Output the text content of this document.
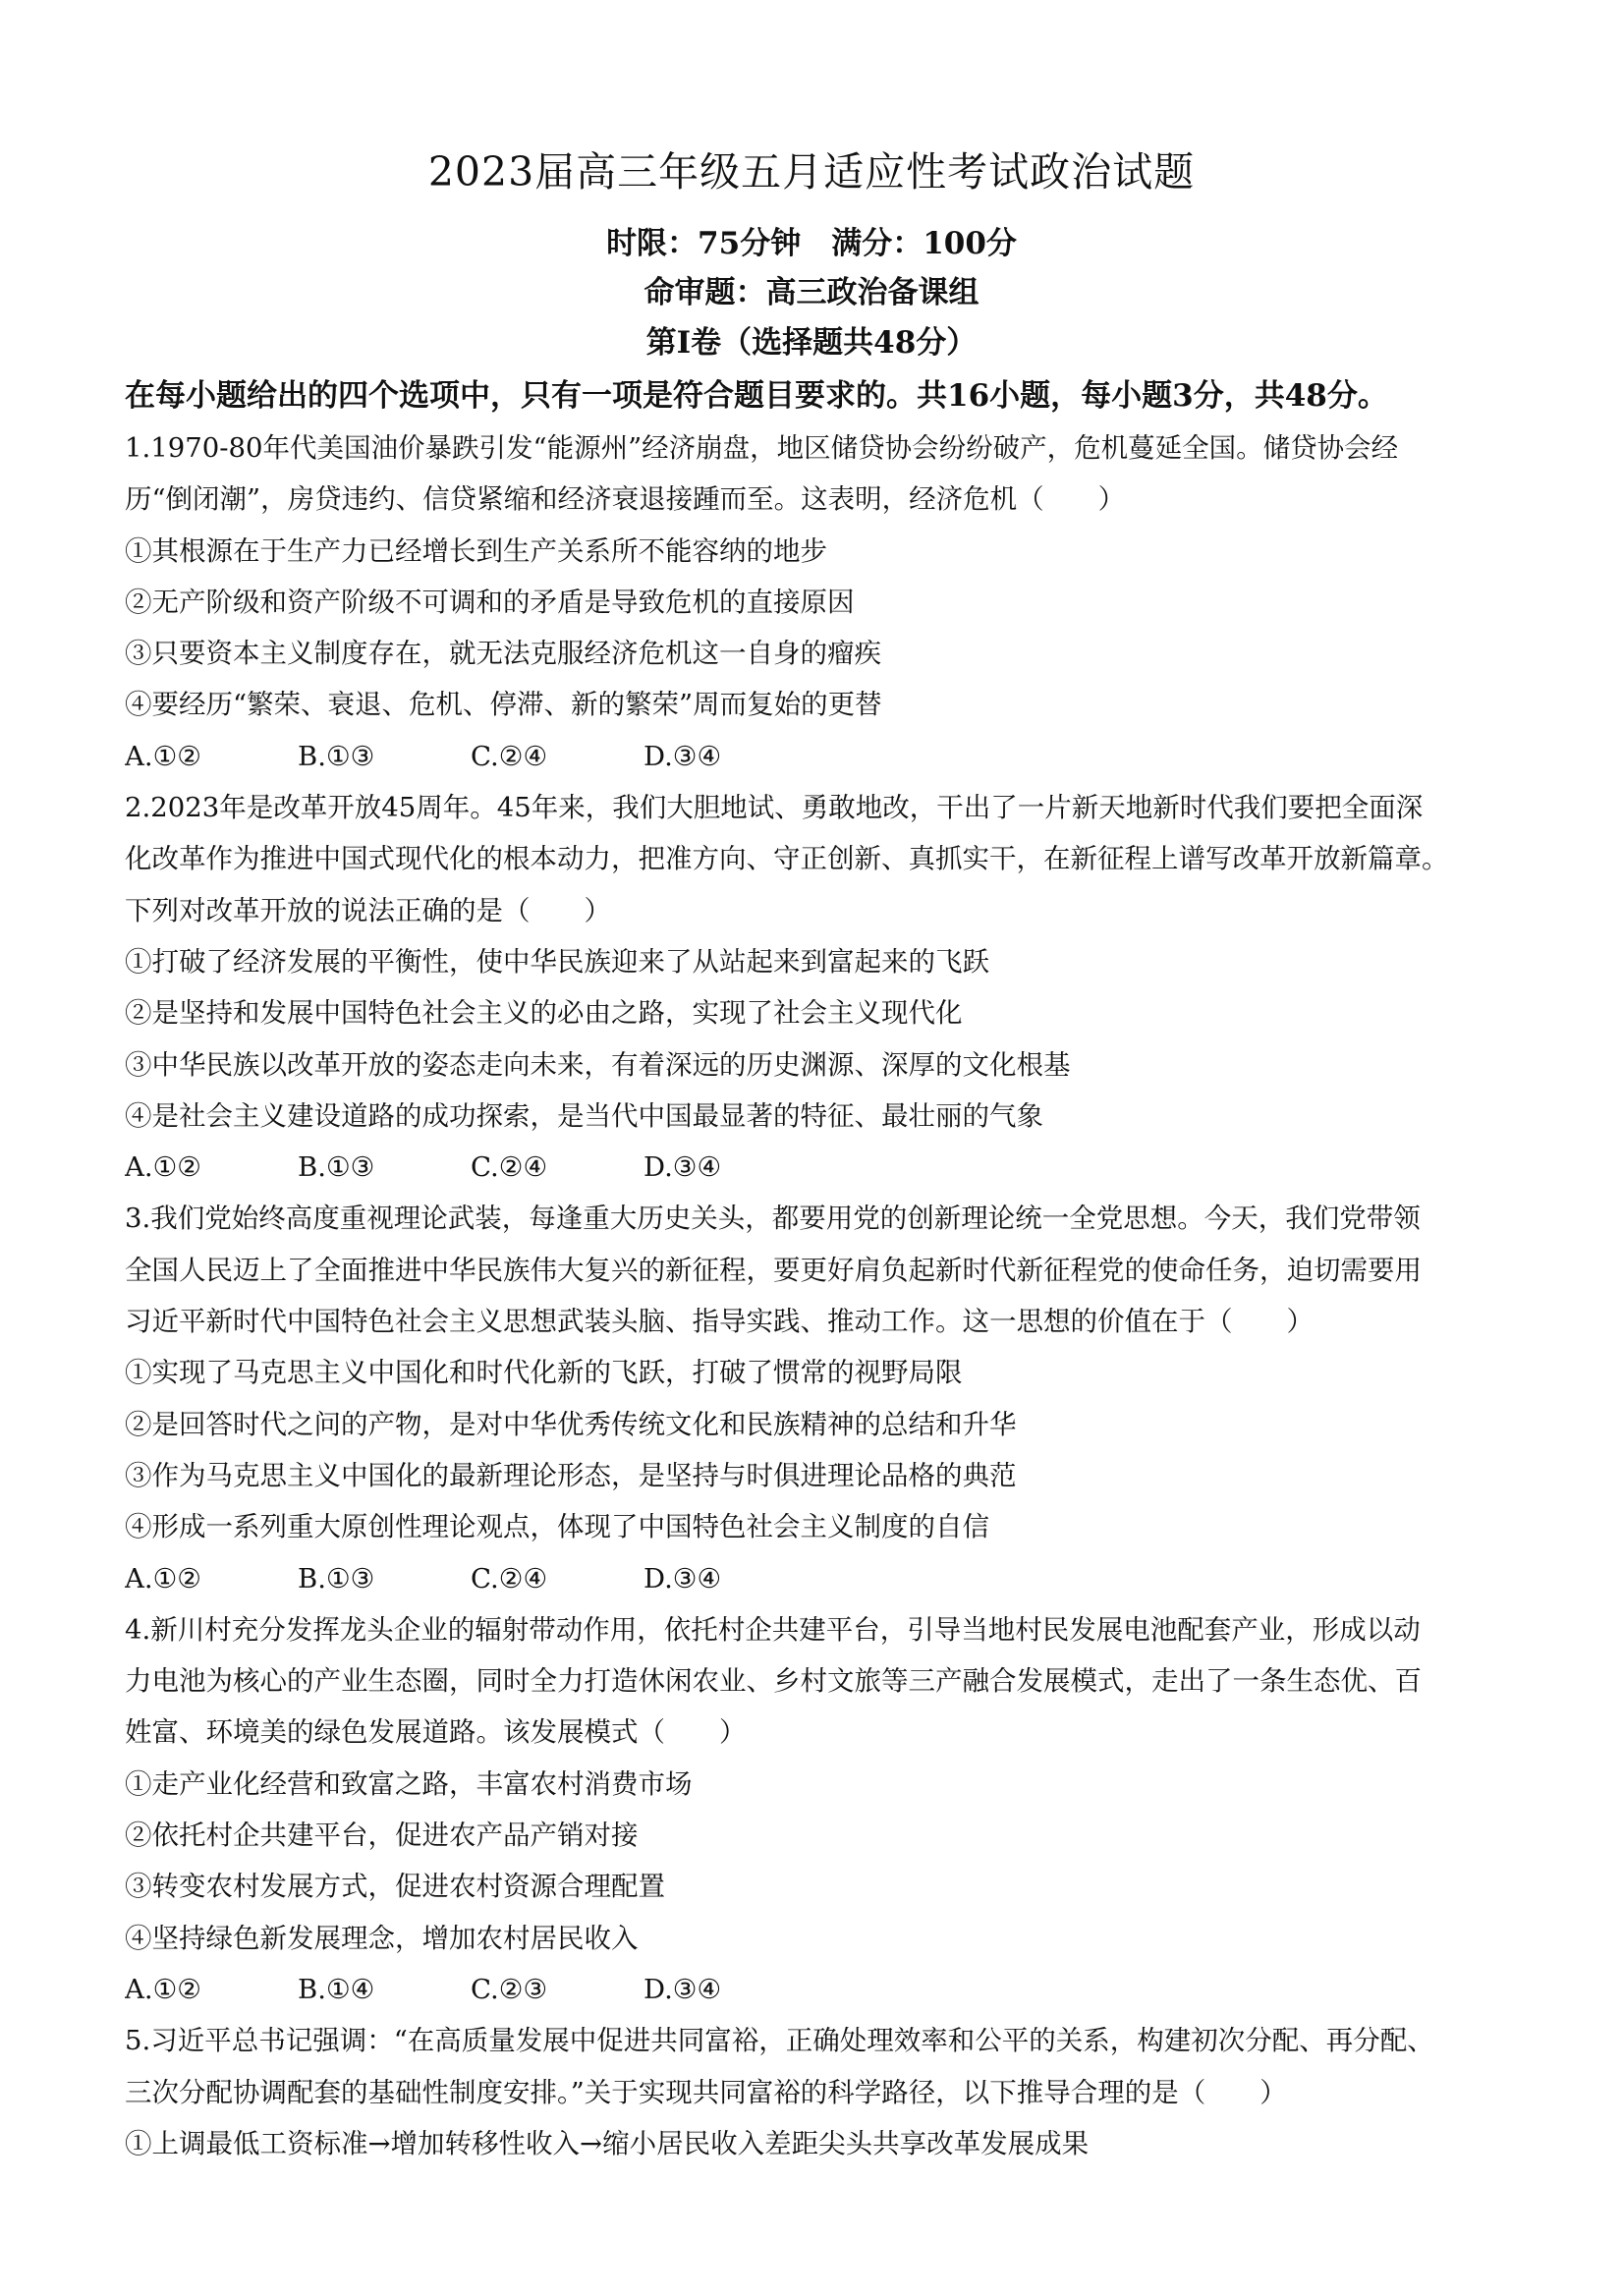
2023届高三年级五月适应性考试政治试题
时限：75分钟　满分：100分
命审题：高三政治备课组
第Ⅰ卷（选择题共48分）
在每小题给出的四个选项中，只有一项是符合题目要求的。共16小题，每小题3分，共48分。
1.1970-80年代美国油价暴跌引发“能源州”经济崩盘，地区储贷协会纷纷破产，危机蔓延全国。储贷协会经
历“倒闭潮”，房贷违约、信贷紧缩和经济衰退接踵而至。这表明，经济危机（　　）
①其根源在于生产力已经增长到生产关系所不能容纳的地步
②无产阶级和资产阶级不可调和的矛盾是导致危机的直接原因
③只要资本主义制度存在，就无法克服经济危机这一自身的瘤疾
④要经历“繁荣、衰退、危机、停滞、新的繁荣”周而复始的更替
A.①②	B.①③	C.②④	D.③④
2.2023年是改革开放45周年。45年来，我们大胆地试、勇敢地改，干出了一片新天地新时代我们要把全面深
化改革作为推进中国式现代化的根本动力，把准方向、守正创新、真抓实干，在新征程上谱写改革开放新篇章。
下列对改革开放的说法正确的是（　　）
①打破了经济发展的平衡性，使中华民族迎来了从站起来到富起来的飞跃
②是坚持和发展中国特色社会主义的必由之路，实现了社会主义现代化
③中华民族以改革开放的姿态走向未来，有着深远的历史渊源、深厚的文化根基
④是社会主义建设道路的成功探索，是当代中国最显著的特征、最壮丽的气象
A.①②	B.①③	C.②④	D.③④
3.我们党始终高度重视理论武装，每逢重大历史关头，都要用党的创新理论统一全党思想。今天，我们党带领
全国人民迈上了全面推进中华民族伟大复兴的新征程，要更好肩负起新时代新征程党的使命任务，迫切需要用
习近平新时代中国特色社会主义思想武装头脑、指导实践、推动工作。这一思想的价值在于（　　）
①实现了马克思主义中国化和时代化新的飞跃，打破了惯常的视野局限
②是回答时代之问的产物，是对中华优秀传统文化和民族精神的总结和升华
③作为马克思主义中国化的最新理论形态，是坚持与时俱进理论品格的典范
④形成一系列重大原创性理论观点，体现了中国特色社会主义制度的自信
A.①②	B.①③	C.②④	D.③④
4.新川村充分发挥龙头企业的辐射带动作用，依托村企共建平台，引导当地村民发展电池配套产业，形成以动
力电池为核心的产业生态圈，同时全力打造休闲农业、乡村文旅等三产融合发展模式，走出了一条生态优、百
姓富、环境美的绿色发展道路。该发展模式（　　）
①走产业化经营和致富之路，丰富农村消费市场
②依托村企共建平台，促进农产品产销对接
③转变农村发展方式，促进农村资源合理配置
④坚持绿色新发展理念，增加农村居民收入
A.①②	B.①④	C.②③	D.③④
5.习近平总书记强调：“在高质量发展中促进共同富裕，正确处理效率和公平的关系，构建初次分配、再分配、
三次分配协调配套的基础性制度安排。”关于实现共同富裕的科学路径，以下推导合理的是（　　）
①上调最低工资标准→增加转移性收入→缩小居民收入差距尖头共享改革发展成果
